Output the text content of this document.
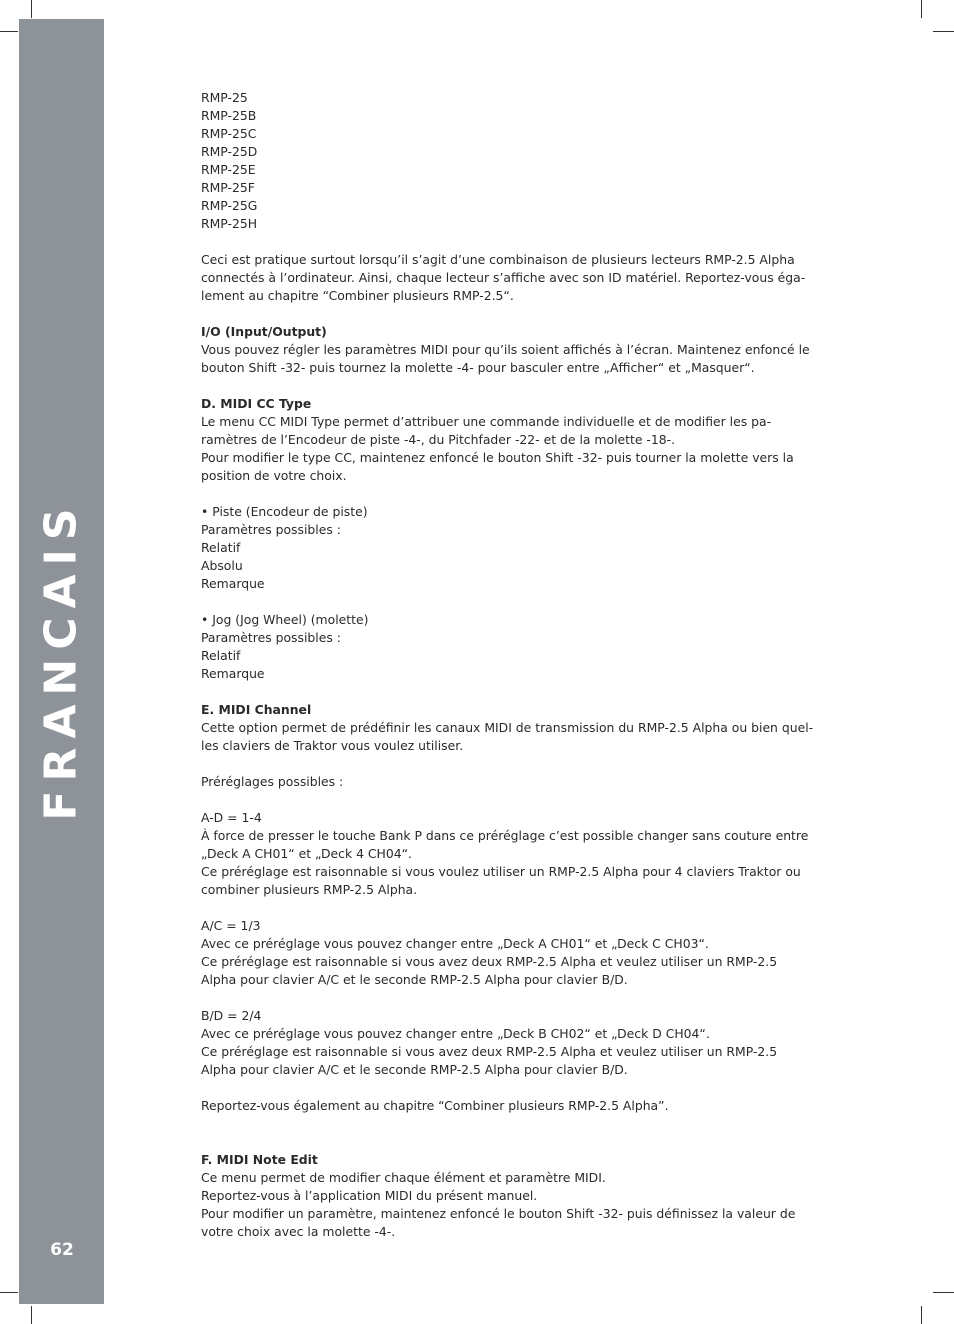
FRANCAIS
62
RMP-25
RMP-25B
RMP-25C
RMP-25D
RMP-25E
RMP-25F
RMP-25G
RMP-25H
Ceci est pratique surtout lorsqu’il s’agit d’une combinaison de plusieurs lecteurs RMP-2.5 Alpha
connectés à l’ordinateur. Ainsi, chaque lecteur s’affiche avec son ID matériel. Reportez-vous éga-
lement au chapitre “Combiner plusieurs RMP-2.5“.
I/O (Input/Output)
Vous pouvez régler les paramètres MIDI pour qu’ils soient affichés à l’écran. Maintenez enfoncé le
bouton Shift -32- puis tournez la molette -4- pour basculer entre „Afficher“ et „Masquer“.
D. MIDI CC Type
Le menu CC MIDI Type permet d’attribuer une commande individuelle et de modifier les pa-
ramètres de l’Encodeur de piste -4-, du Pitchfader -22- et de la molette -18-.
Pour modifier le type CC, maintenez enfoncé le bouton Shift -32- puis tourner la molette vers la
position de votre choix.
• Piste (Encodeur de piste)
Paramètres possibles :
Relatif
Absolu
Remarque
• Jog (Jog Wheel) (molette)
Paramètres possibles :
Relatif
Remarque
E. MIDI Channel
Cette option permet de prédéfinir les canaux MIDI de transmission du RMP-2.5 Alpha ou bien quel-
les claviers de Traktor vous voulez utiliser.
Préréglages possibles :
A-D = 1-4
À force de presser le touche Bank P dans ce préréglage c’est possible changer sans couture entre
„Deck A CH01“ et „Deck 4 CH04“.
Ce préréglage est raisonnable si vous voulez utiliser un RMP-2.5 Alpha pour 4 claviers Traktor ou
combiner plusieurs RMP-2.5 Alpha.
A/C = 1/3
Avec ce préréglage vous pouvez changer entre „Deck A CH01“ et „Deck C CH03“.
Ce préréglage est raisonnable si vous avez deux RMP-2.5 Alpha et veulez utiliser un RMP-2.5
Alpha pour clavier A/C et le seconde RMP-2.5 Alpha pour clavier B/D.
B/D = 2/4
Avec ce préréglage vous pouvez changer entre „Deck B CH02“ et „Deck D CH04“.
Ce préréglage est raisonnable si vous avez deux RMP-2.5 Alpha et veulez utiliser un RMP-2.5
Alpha pour clavier A/C et le seconde RMP-2.5 Alpha pour clavier B/D.
Reportez-vous également au chapitre “Combiner plusieurs RMP-2.5 Alpha”.
F. MIDI Note Edit
Ce menu permet de modifier chaque élément et paramètre MIDI.
Reportez-vous à l’application MIDI du présent manuel.
Pour modifier un paramètre, maintenez enfoncé le bouton Shift -32- puis définissez la valeur de
votre choix avec la molette -4-.
